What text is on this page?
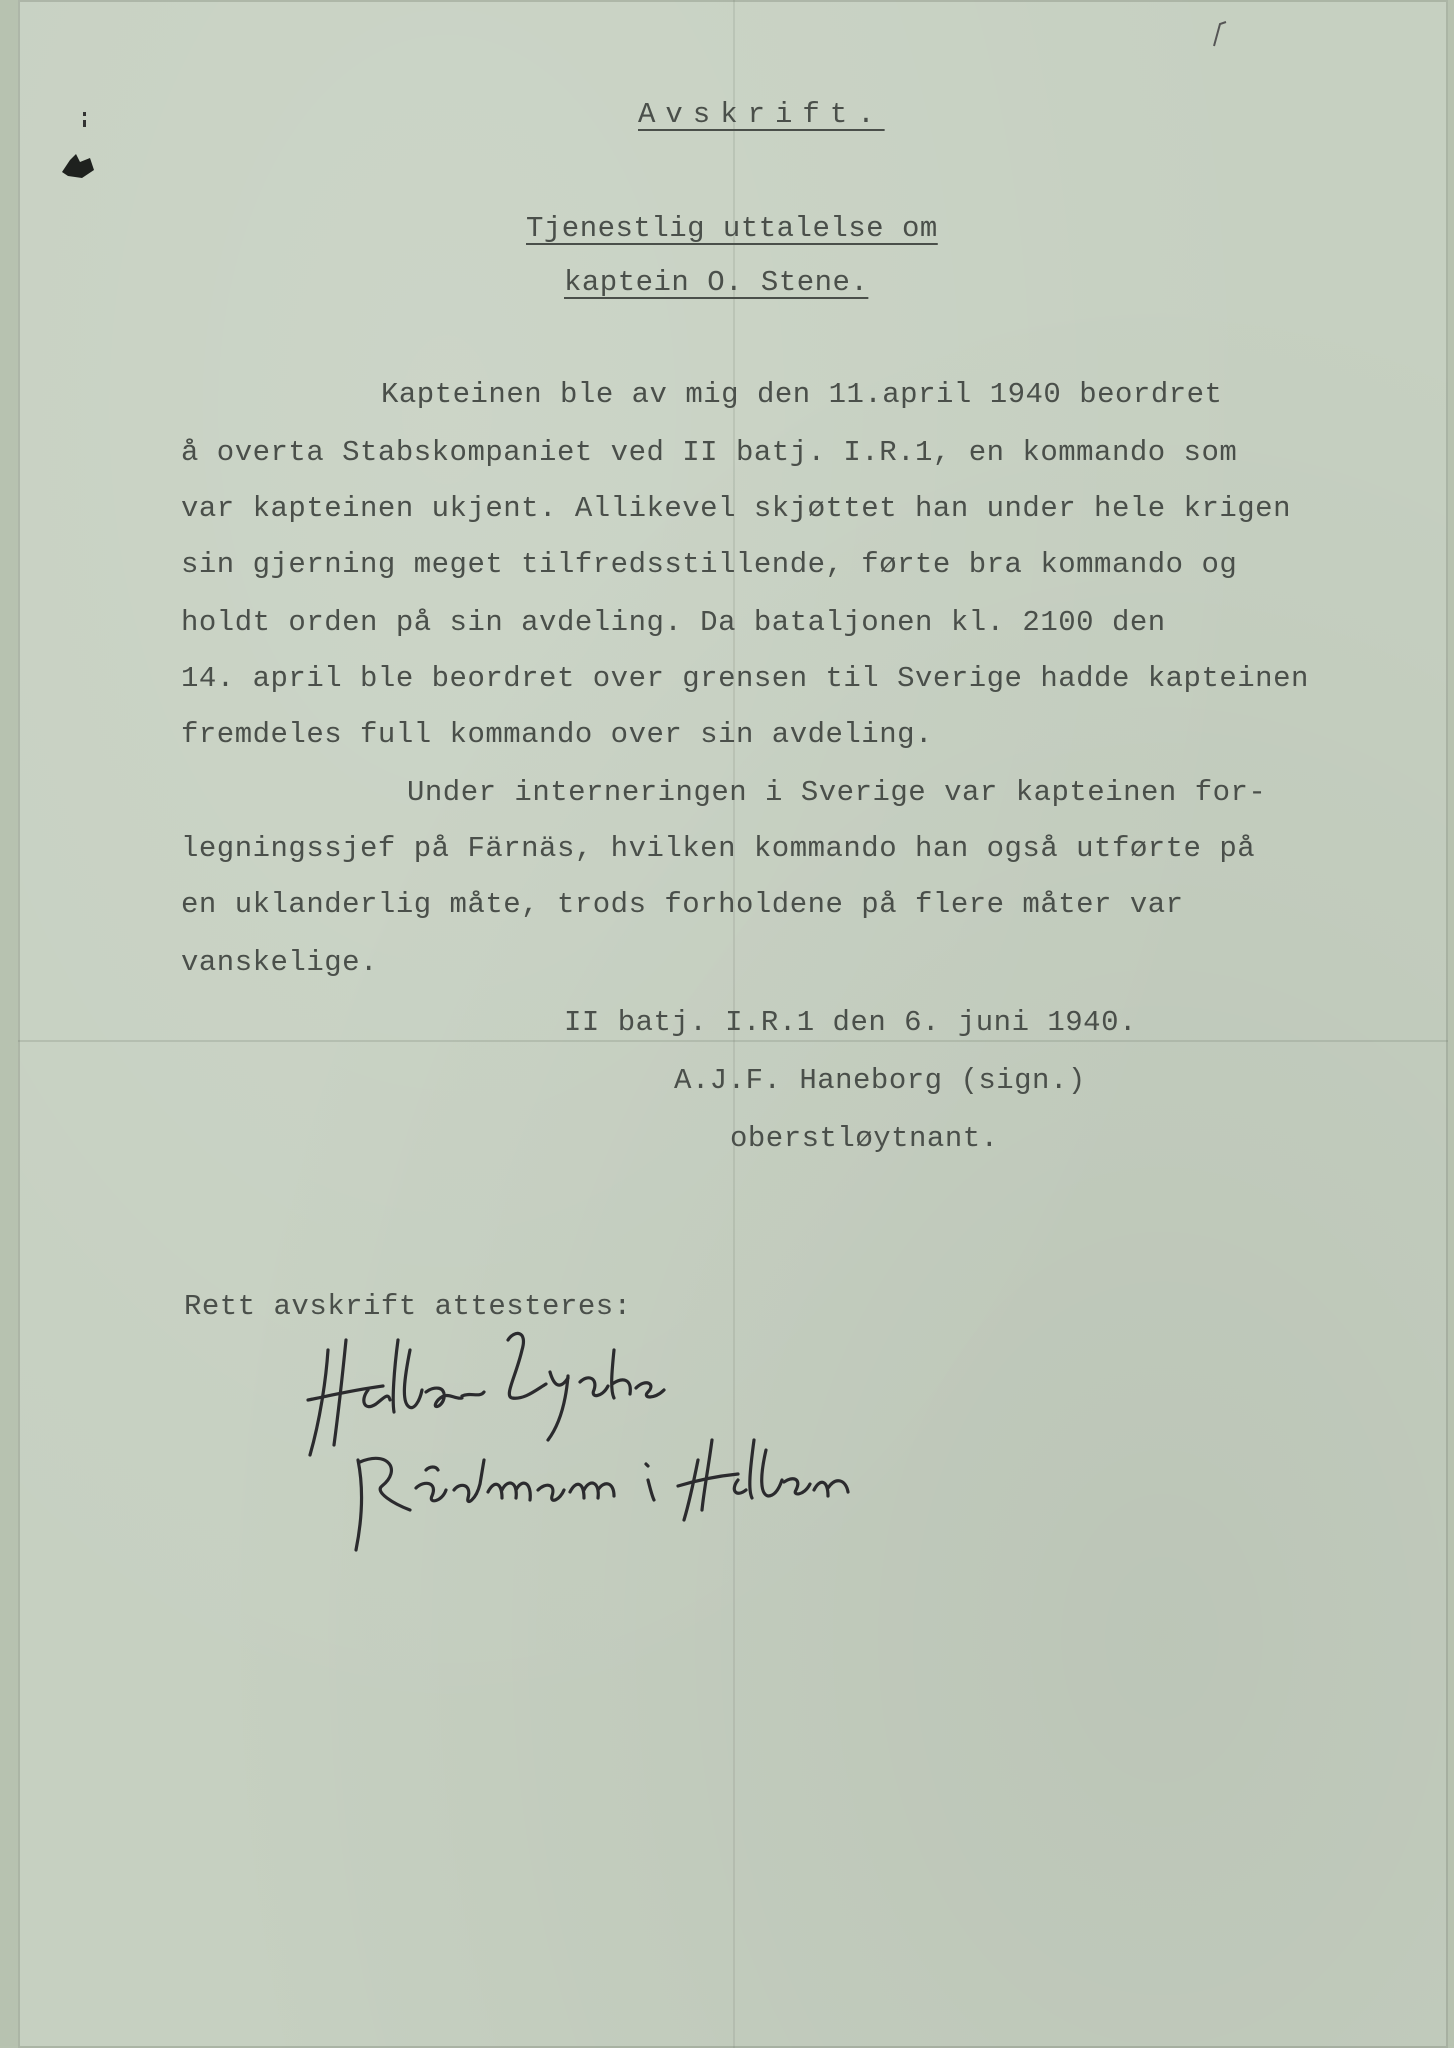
Avskrift.
Tjenestlig uttalelse om
kaptein O. Stene.
Kapteinen ble av mig den 11.april 1940 beordret
å overta Stabskompaniet ved II batj. I.R.1, en kommando som
var kapteinen ukjent. Allikevel skjøttet han under hele krigen
sin gjerning meget tilfredsstillende, førte bra kommando og
holdt orden på sin avdeling. Da bataljonen kl. 2100 den
14. april ble beordret over grensen til Sverige hadde kapteinen
fremdeles full kommando over sin avdeling.
Under interneringen i Sverige var kapteinen for-
legningssjef på Färnäs, hvilken kommando han også utførte på
en uklanderlig måte, trods forholdene på flere måter var
vanskelige.
II batj. I.R.1 den 6. juni 1940.
A.J.F. Haneborg (sign.)
oberstløytnant.
Rett avskrift attesteres:
